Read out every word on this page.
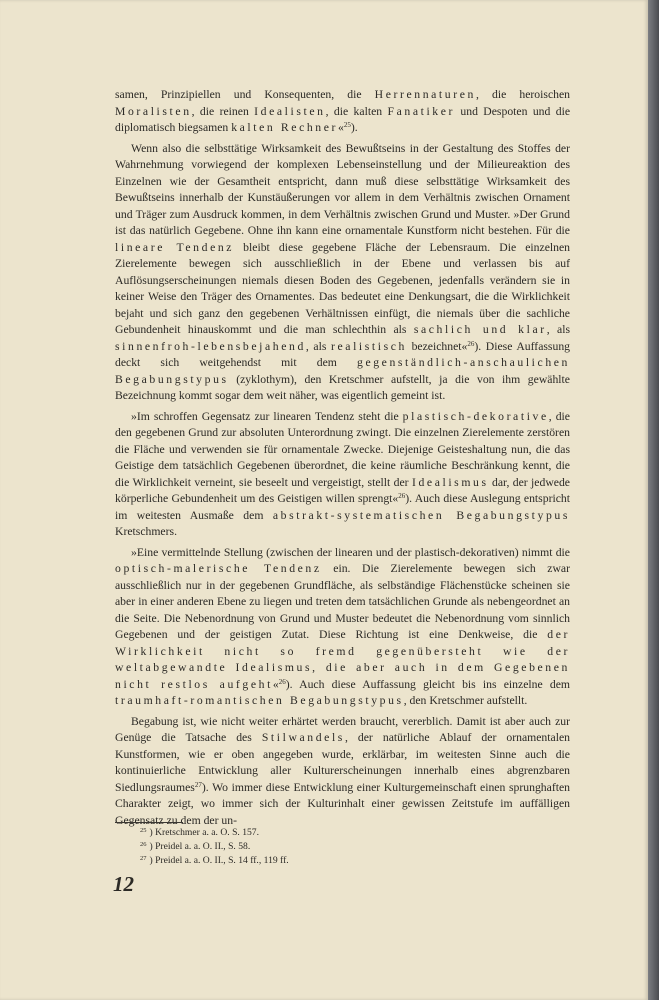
samen, Prinzipiellen und Konsequenten, die Herrennaturen, die heroischen Moralisten, die reinen Idealisten, die kalten Fanatiker und Despoten und die diplomatisch biegsamen kalten Rechner«$^{25}$).

Wenn also die selbsttätige Wirksamkeit des Bewußtseins in der Gestaltung des Stoffes der Wahrnehmung vorwiegend der komplexen Lebenseinstellung und der Milieureaktion des Einzelnen wie der Gesamtheit entspricht, dann muß diese selbsttätige Wirksamkeit des Bewußtseins innerhalb der Kunstäußerungen vor allem in dem Verhältnis zwischen Ornament und Träger zum Ausdruck kommen, in dem Verhältnis zwischen Grund und Muster. »Der Grund ist das natürlich Gegebene. Ohne ihn kann eine ornamentale Kunstform nicht bestehen. Für die lineare Tendenz bleibt diese gegebene Fläche der Lebensraum. Die einzelnen Zierelemente bewegen sich ausschließlich in der Ebene und verlassen bis auf Auflösungserscheinungen niemals diesen Boden des Gegebenen, jedenfalls verändern sie in keiner Weise den Träger des Ornamentes. Das bedeutet eine Denkungsart, die die Wirklichkeit bejaht und sich ganz den gegebenen Verhältnissen einfügt, die niemals über die sachliche Gebundenheit hinauskommt und die man schlechthin als sachlich und klar, als sinnenfroh-lebensbejahend, als realistisch bezeichnet«$^{26}$). Diese Auffassung deckt sich weitgehendst mit dem gegenständlich-anschaulichen Begabungstypus (zyklothym), den Kretschmer aufstellt, ja die von ihm gewählte Bezeichnung kommt sogar dem weit näher, was eigentlich gemeint ist.

»Im schroffen Gegensatz zur linearen Tendenz steht die plastisch-dekorative, die den gegebenen Grund zur absoluten Unterordnung zwingt. Die einzelnen Zierelemente zerstören die Fläche und verwenden sie für ornamentale Zwecke. Diejenige Geisteshaltung nun, die das Geistige dem tatsächlich Gegebenen überordnet, die keine räumliche Beschränkung kennt, die die Wirklichkeit verneint, sie beseelt und vergeistigt, stellt der Idealismus dar, der jedwede körperliche Gebundenheit um des Geistigen willen sprengt«$^{26}$). Auch diese Auslegung entspricht im weitesten Ausmaße dem abstrakt-systematischen Begabungstypus Kretschmers.

»Eine vermittelnde Stellung (zwischen der linearen und der plastisch-dekorativen) nimmt die optisch-malerische Tendenz ein. Die Zierelemente bewegen sich zwar ausschließlich nur in der gegebenen Grundfläche, als selbständige Flächenstücke scheinen sie aber in einer anderen Ebene zu liegen und treten dem tatsächlichen Grunde als nebengeordnet an die Seite. Die Nebenordnung von Grund und Muster bedeutet die Nebenordnung vom sinnlich Gegebenen und der geistigen Zutat. Diese Richtung ist eine Denkweise, die der Wirklichkeit nicht so fremd gegenübersteht wie der weltabgewandte Idealismus, die aber auch in dem Gegebenen nicht restlos aufgeht«$^{26}$). Auch diese Auffassung gleicht bis ins einzelne dem traumhaft-romantischen Begabungstypus, den Kretschmer aufstellt.

Begabung ist, wie nicht weiter erhärtet werden braucht, vererblich. Damit ist aber auch zur Genüge die Tatsache des Stilwandels, der natürliche Ablauf der ornamentalen Kunstformen, wie er oben angegeben wurde, erklärbar, im weitesten Sinne auch die kontinuierliche Entwicklung aller Kulturerscheinungen innerhalb eines abgrenzbaren Siedlungsraumes$^{27}$). Wo immer diese Entwicklung einer Kulturgemeinschaft einen sprunghaften Charakter zeigt, wo immer sich der Kulturinhalt einer gewissen Zeitstufe im auffälligen Gegensatz zu dem der un-

$^{25}$ ) Kretschmer a. a. O. S. 157.
$^{26}$ ) Preidel a. a. O. II., S. 58.
$^{27}$ ) Preidel a. a. O. II., S. 14 ff., 119 ff.
12
